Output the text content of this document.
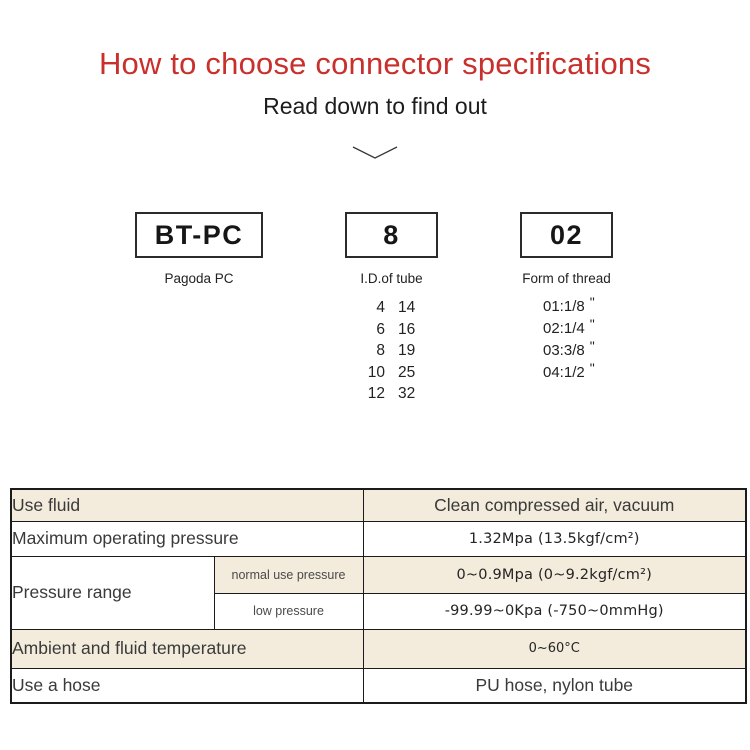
How to choose connector specifications
Read down to find out
BT-PC	8	02
Pagoda PC	I.D.of tube	Form of thread
4 14
6 16
8 19
10 25
12 32
01:1/8 "
02:1/4 "
03:3/8 "
04:1/2 "
Use fluid		Clean compressed air, vacuum
Maximum operating pressure		1.32Mpa (13.5kgf/cm²)
Pressure range	normal use pressure	0~0.9Mpa (0~9.2kgf/cm²)
	low pressure	-99.99~0Kpa (-750~0mmHg)
Ambient and fluid temperature		0~60°C
Use a hose		PU hose, nylon tube
